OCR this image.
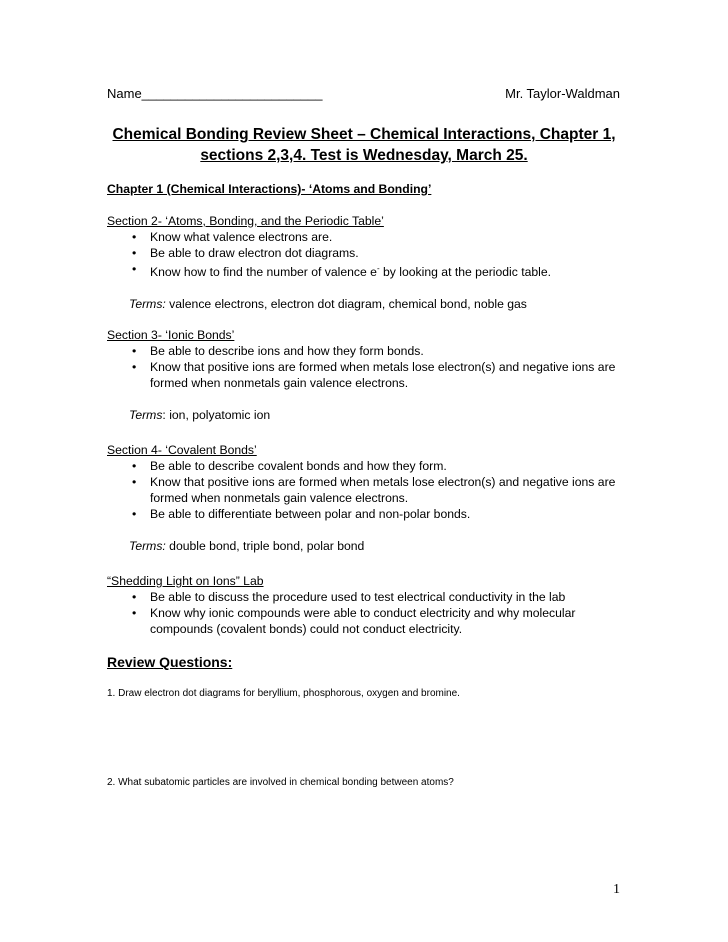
Name_________________________	Mr. Taylor-Waldman
Chemical Bonding Review Sheet – Chemical Interactions, Chapter 1,
sections 2,3,4. Test is Wednesday, March 25.
Chapter 1 (Chemical Interactions)- ‘Atoms and Bonding’
Section 2- ‘Atoms, Bonding, and the Periodic Table’
• Know what valence electrons are.
• Be able to draw electron dot diagrams.
• Know how to find the number of valence e- by looking at the periodic table.
Terms: valence electrons, electron dot diagram, chemical bond, noble gas
Section 3- ‘Ionic Bonds’
• Be able to describe ions and how they form bonds.
• Know that positive ions are formed when metals lose electron(s) and negative ions are formed when nonmetals gain valence electrons.
Terms: ion, polyatomic ion
Section 4- ‘Covalent Bonds’
• Be able to describe covalent bonds and how they form.
• Know that positive ions are formed when metals lose electron(s) and negative ions are formed when nonmetals gain valence electrons.
• Be able to differentiate between polar and non-polar bonds.
Terms: double bond, triple bond, polar bond
“Shedding Light on Ions” Lab
• Be able to discuss the procedure used to test electrical conductivity in the lab
• Know why ionic compounds were able to conduct electricity and why molecular compounds (covalent bonds) could not conduct electricity.
Review Questions:
1. Draw electron dot diagrams for beryllium, phosphorous, oxygen and bromine.
2. What subatomic particles are involved in chemical bonding between atoms?
1
